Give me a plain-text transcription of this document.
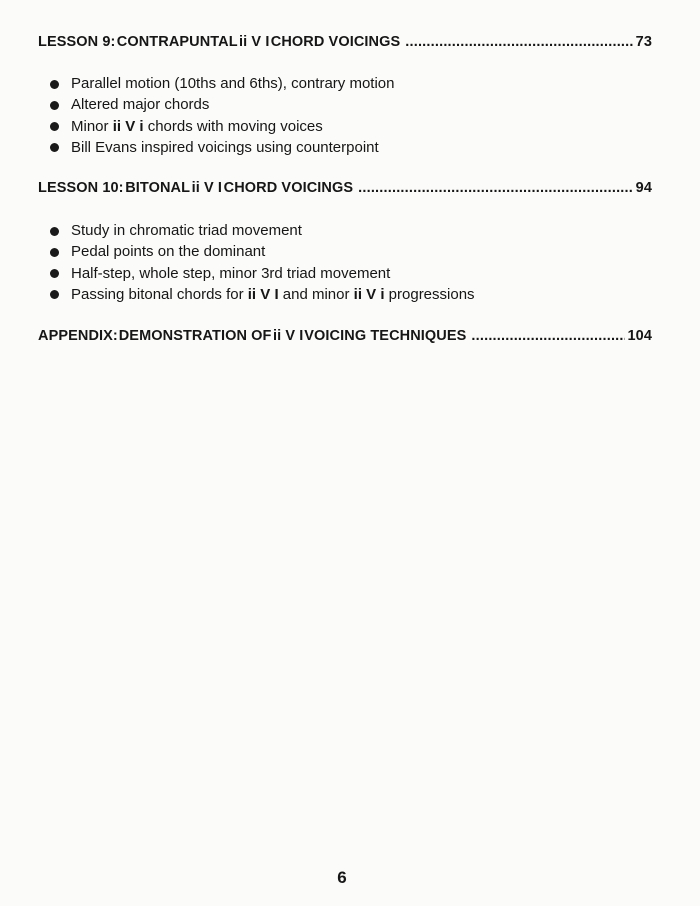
LESSON 9: CONTRAPUNTAL ii V I CHORD VOICINGS .....	73
Parallel motion (10ths and 6ths), contrary motion
Altered major chords
Minor ii V i chords with moving voices
Bill Evans inspired voicings using counterpoint
LESSON 10: BITONAL ii V I CHORD VOICINGS .....	94
Study in chromatic triad movement
Pedal points on the dominant
Half-step, whole step, minor 3rd triad movement
Passing bitonal chords for ii V I and minor ii V i progressions
APPENDIX: DEMONSTRATION OF ii V I VOICING TECHNIQUES .....	104
6
